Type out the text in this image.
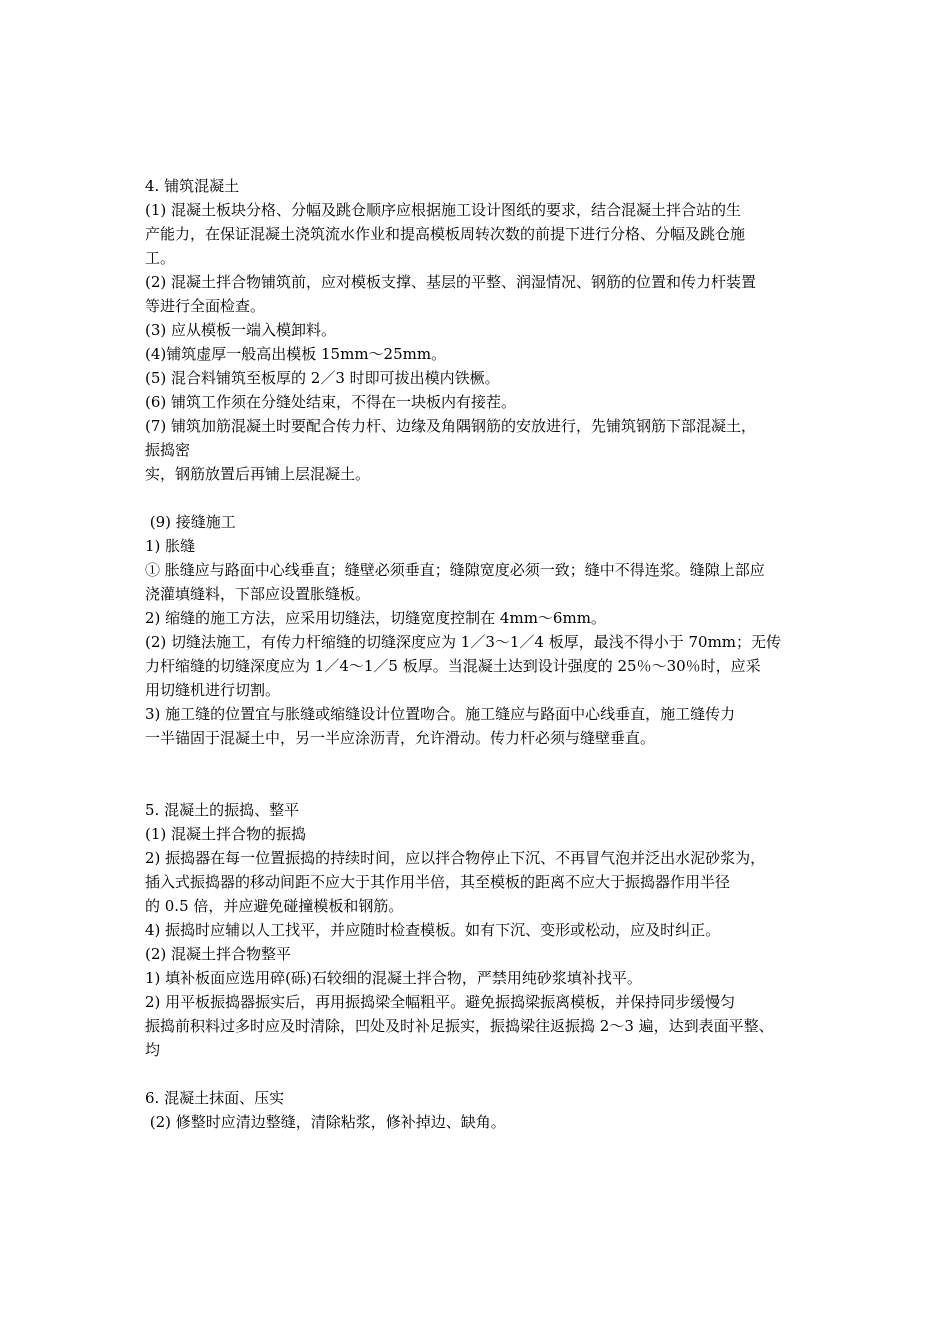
4. 铺筑混凝土
(1) 混凝土板块分格、分幅及跳仓顺序应根据施工设计图纸的要求，结合混凝土拌合站的生
产能力，在保证混凝土浇筑流水作业和提高模板周转次数的前提下进行分格、分幅及跳仓施
工。
(2) 混凝土拌合物铺筑前，应对模板支撑、基层的平整、润湿情况、钢筋的位置和传力杆装置
等进行全面检查。
(3) 应从模板一端入模卸料。
(4)铺筑虚厚一般高出模板 15mm～25mm。
(5) 混合料铺筑至板厚的 2／3 时即可拔出模内铁橛。
(6) 铺筑工作须在分缝处结束，不得在一块板内有接茬。
(7) 铺筑加筋混凝土时要配合传力杆、边缘及角隅钢筋的安放进行，先铺筑钢筋下部混凝土，
振捣密
实，钢筋放置后再铺上层混凝土。
(9) 接缝施工
1) 胀缝
① 胀缝应与路面中心线垂直；缝壁必须垂直；缝隙宽度必须一致；缝中不得连浆。缝隙上部应
浇灌填缝料，下部应设置胀缝板。
2) 缩缝的施工方法，应采用切缝法，切缝宽度控制在 4mm～6mm。
(2) 切缝法施工，有传力杆缩缝的切缝深度应为 1／3～1／4 板厚，最浅不得小于 70mm；无传
力杆缩缝的切缝深度应为 1／4～1／5 板厚。当混凝土达到设计强度的 25％～30％时，应采
用切缝机进行切割。
3) 施工缝的位置宜与胀缝或缩缝设计位置吻合。施工缝应与路面中心线垂直，施工缝传力
一半锚固于混凝土中，另一半应涂沥青，允许滑动。传力杆必须与缝壁垂直。
5. 混凝土的振捣、整平
(1) 混凝土拌合物的振捣
2) 振捣器在每一位置振捣的持续时间，应以拌合物停止下沉、不再冒气泡并泛出水泥砂浆为，
插入式振捣器的移动间距不应大于其作用半倍，其至模板的距离不应大于振捣器作用半径
的 0.5 倍，并应避免碰撞模板和钢筋。
4) 振捣时应辅以人工找平，并应随时检查模板。如有下沉、变形或松动，应及时纠正。
(2) 混凝土拌合物整平
1) 填补板面应选用碎(砾)石较细的混凝土拌合物，严禁用纯砂浆填补找平。
2) 用平板振捣器振实后，再用振捣梁全幅粗平。避免振捣梁振离模板，并保持同步缓慢匀
振捣前积料过多时应及时清除，凹处及时补足振实，振捣梁往返振捣 2～3 遍，达到表面平整、
均
6. 混凝土抹面、压实
(2) 修整时应清边整缝，清除粘浆，修补掉边、缺角。
